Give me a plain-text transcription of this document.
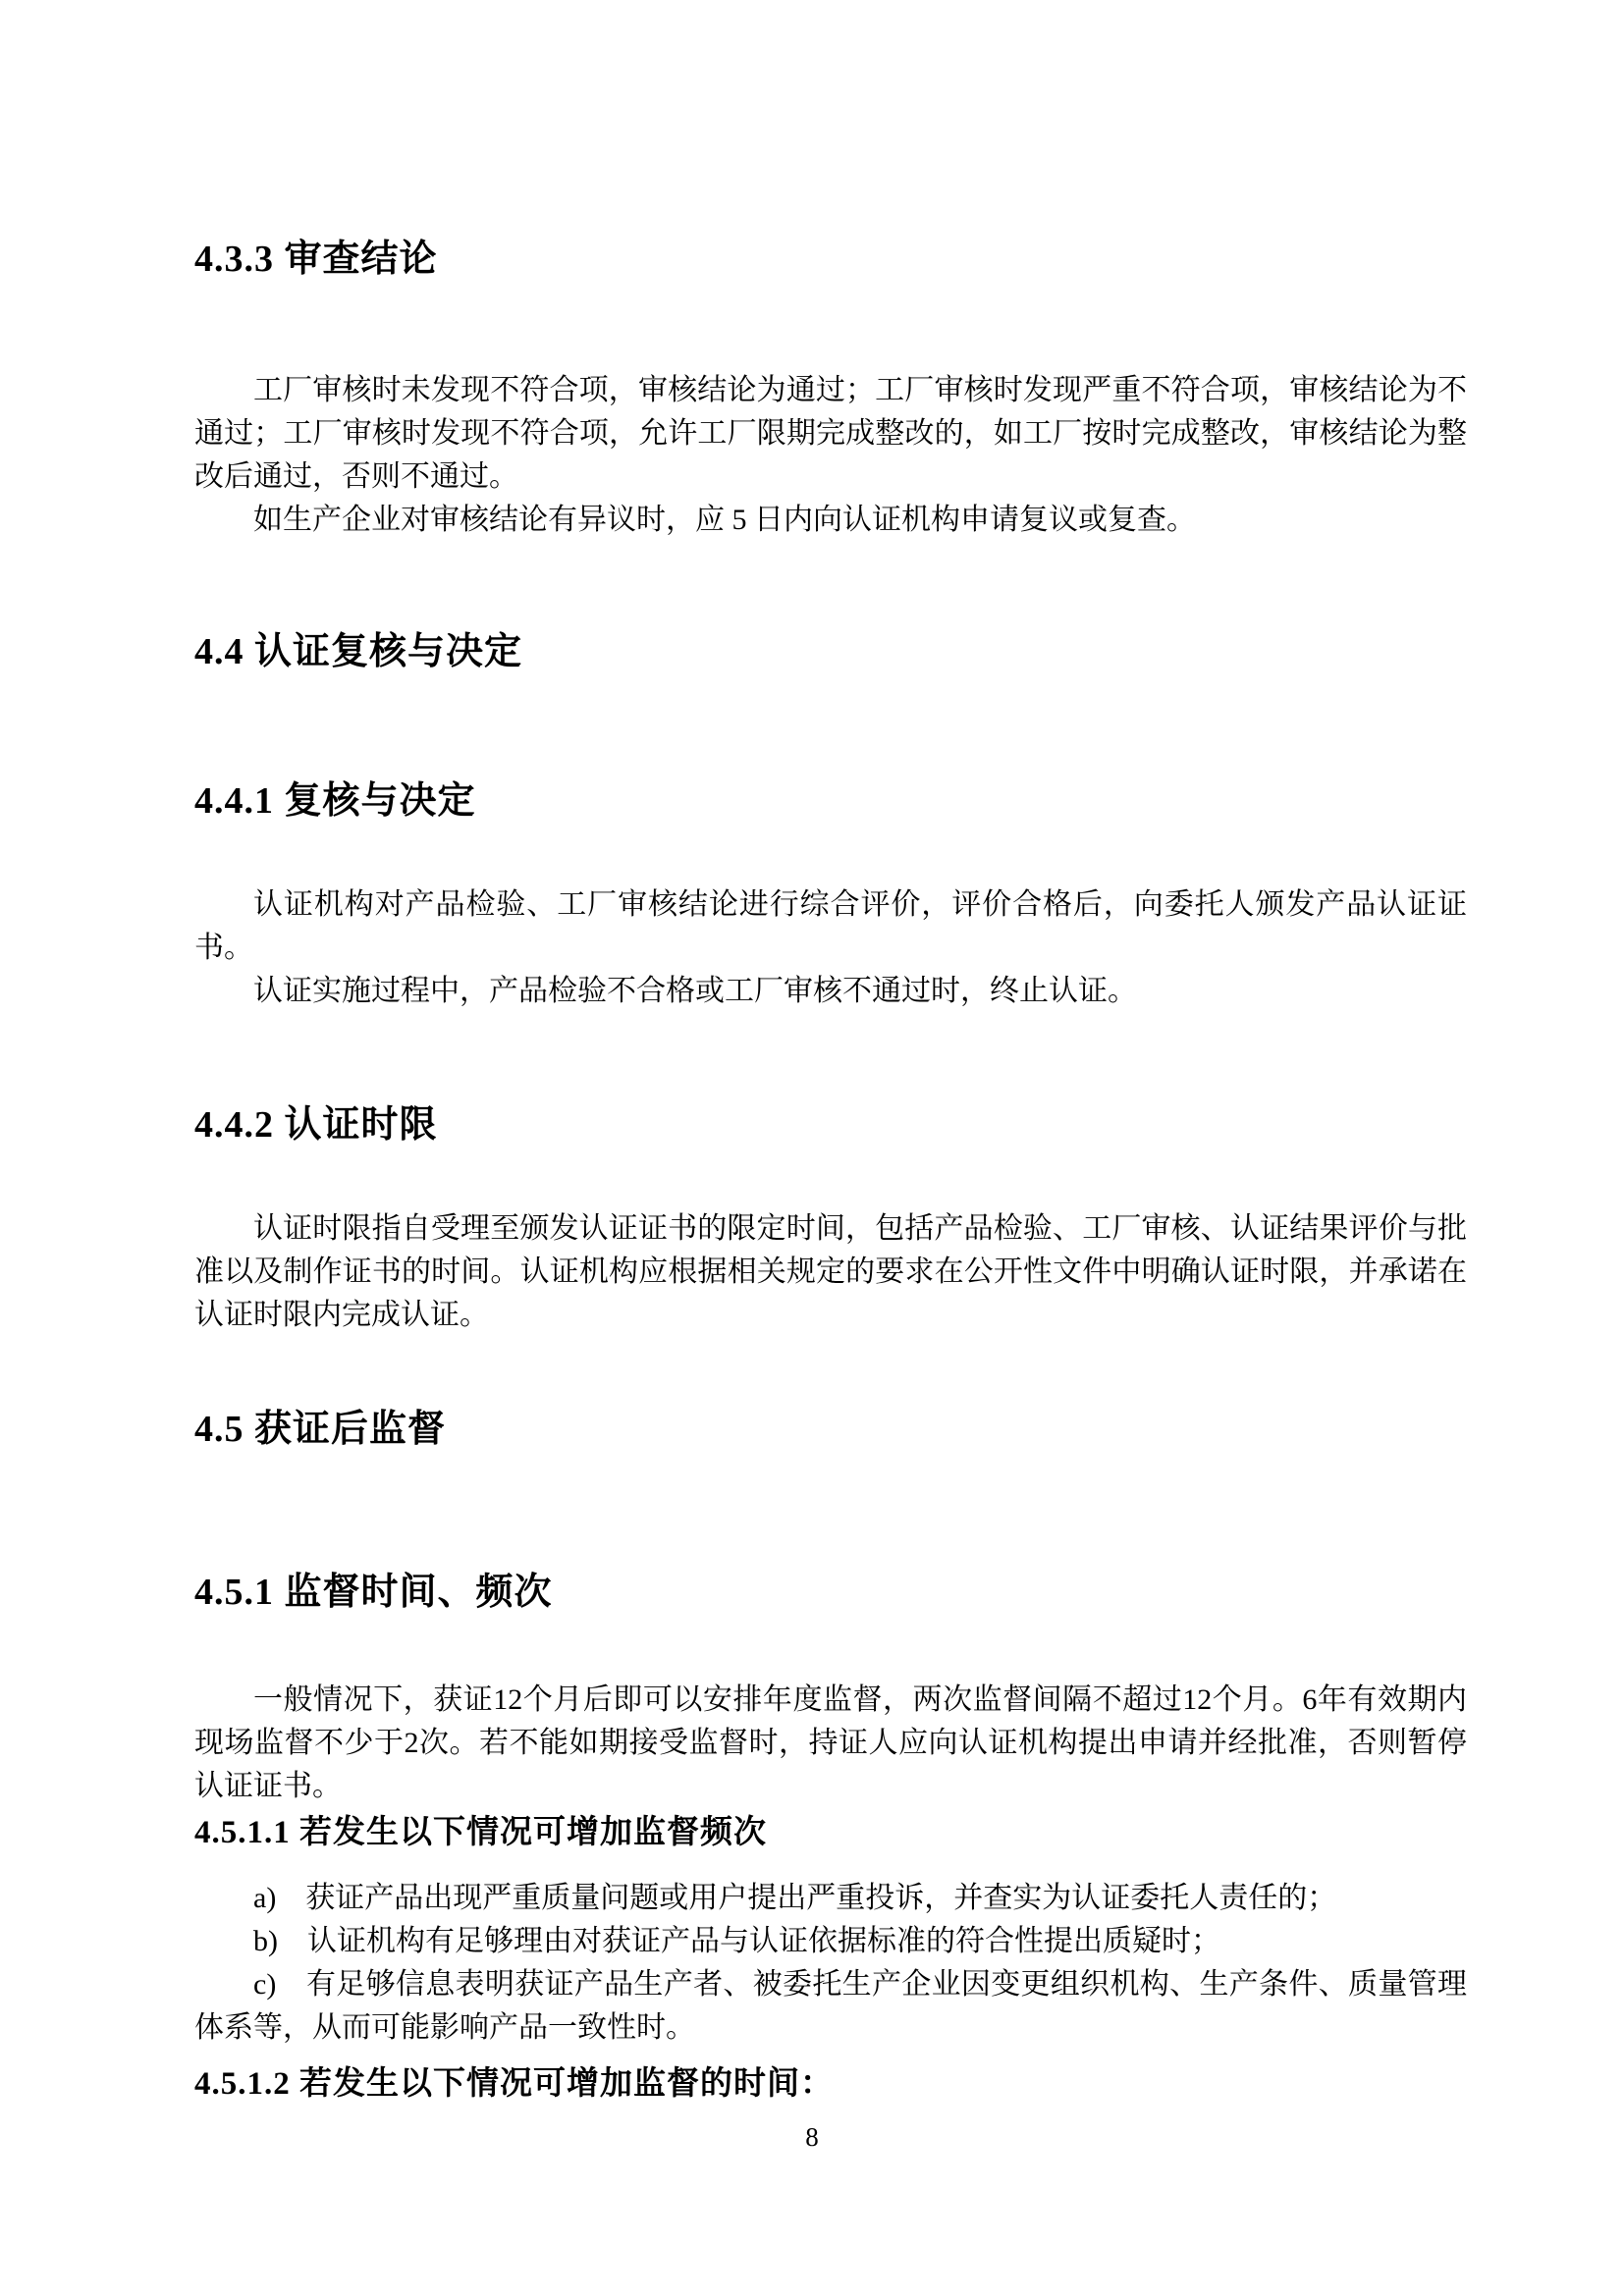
4.3.3 审查结论

工厂审核时未发现不符合项，审核结论为通过；工厂审核时发现严重不符合项，审核结论为不通过；工厂审核时发现不符合项，允许工厂限期完成整改的，如工厂按时完成整改，审核结论为整改后通过，否则不通过。

如生产企业对审核结论有异议时，应 5 日内向认证机构申请复议或复查。

4.4 认证复核与决定
4.4.1 复核与决定

认证机构对产品检验、工厂审核结论进行综合评价，评价合格后，向委托人颁发产品认证证书。

认证实施过程中，产品检验不合格或工厂审核不通过时，终止认证。

4.4.2 认证时限

认证时限指自受理至颁发认证证书的限定时间，包括产品检验、工厂审核、认证结果评价与批准以及制作证书的时间。认证机构应根据相关规定的要求在公开性文件中明确认证时限，并承诺在认证时限内完成认证。

4.5 获证后监督
4.5.1 监督时间、频次

一般情况下，获证12个月后即可以安排年度监督，两次监督间隔不超过12个月。6年有效期内现场监督不少于2次。若不能如期接受监督时，持证人应向认证机构提出申请并经批准，否则暂停认证证书。

4.5.1.1 若发生以下情况可增加监督频次

a)　获证产品出现严重质量问题或用户提出严重投诉，并查实为认证委托人责任的；

b)　认证机构有足够理由对获证产品与认证依据标准的符合性提出质疑时；

c)　有足够信息表明获证产品生产者、被委托生产企业因变更组织机构、生产条件、质量管理体系等，从而可能影响产品一致性时。

4.5.1.2 若发生以下情况可增加监督的时间：
8
